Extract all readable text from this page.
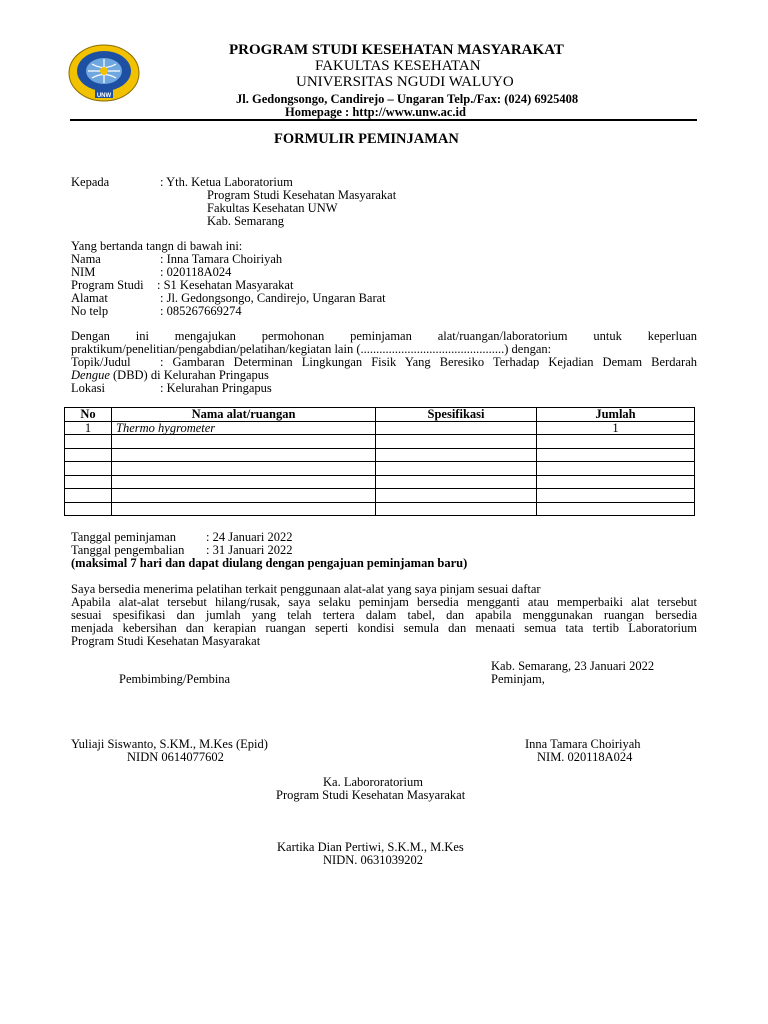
UNW
PROGRAM STUDI KESEHATAN MASYARAKAT
FAKULTAS KESEHATAN
UNIVERSITAS NGUDI WALUYO
Jl. Gedongsongo, Candirejo – Ungaran Telp./Fax: (024) 6925408
Homepage : http://www.unw.ac.id
FORMULIR PEMINJAMAN
Kepada	: Yth. Ketua Laboratorium
Program Studi Kesehatan Masyarakat
Fakultas Kesehatan UNW
Kab. Semarang
Yang bertanda tangn di bawah ini:
Nama	: Inna Tamara Choiriyah
NIM	: 020118A024
Program Studi : S1 Kesehatan Masyarakat
Alamat	: Jl. Gedongsongo, Candirejo, Ungaran Barat
No telp	: 085267669274
Dengan ini mengajukan permohonan peminjaman alat/ruangan/laboratorium untuk keperluan
praktikum/penelitian/pengabdian/pelatihan/kegiatan lain (..............................................) dengan:
Topik/Judul : Gambaran Determinan Lingkungan Fisik Yang Beresiko Terhadap Kejadian Demam Berdarah
Dengue (DBD) di Kelurahan Pringapus
Lokasi	: Kelurahan Pringapus
No	Nama alat/ruangan	Spesifikasi	Jumlah
1	Thermo hygrometer		1

Tanggal peminjaman : 24 Januari 2022
Tanggal pengembalian : 31 Januari 2022
(maksimal 7 hari dan dapat diulang dengan pengajuan peminjaman baru)
Saya bersedia menerima pelatihan terkait penggunaan alat-alat yang saya pinjam sesuai daftar
Apabila alat-alat tersebut hilang/rusak, saya selaku peminjam bersedia mengganti atau memperbaiki alat tersebut
sesuai spesifikasi dan jumlah yang telah tertera dalam tabel, dan apabila menggunakan ruangan bersedia
menjada kebersihan dan kerapian ruangan seperti kondisi semula dan menaati semua tata tertib Laboratorium
Program Studi Kesehatan Masyarakat
Kab. Semarang, 23 Januari 2022
Pembimbing/Pembina	Peminjam,
Yuliaji Siswanto, S.KM., M.Kes (Epid)
NIDN 0614077602
Inna Tamara Choiriyah
NIM. 020118A024
Ka. Labororatorium
Program Studi Kesehatan Masyarakat
Kartika Dian Pertiwi, S.K.M., M.Kes
NIDN. 0631039202
